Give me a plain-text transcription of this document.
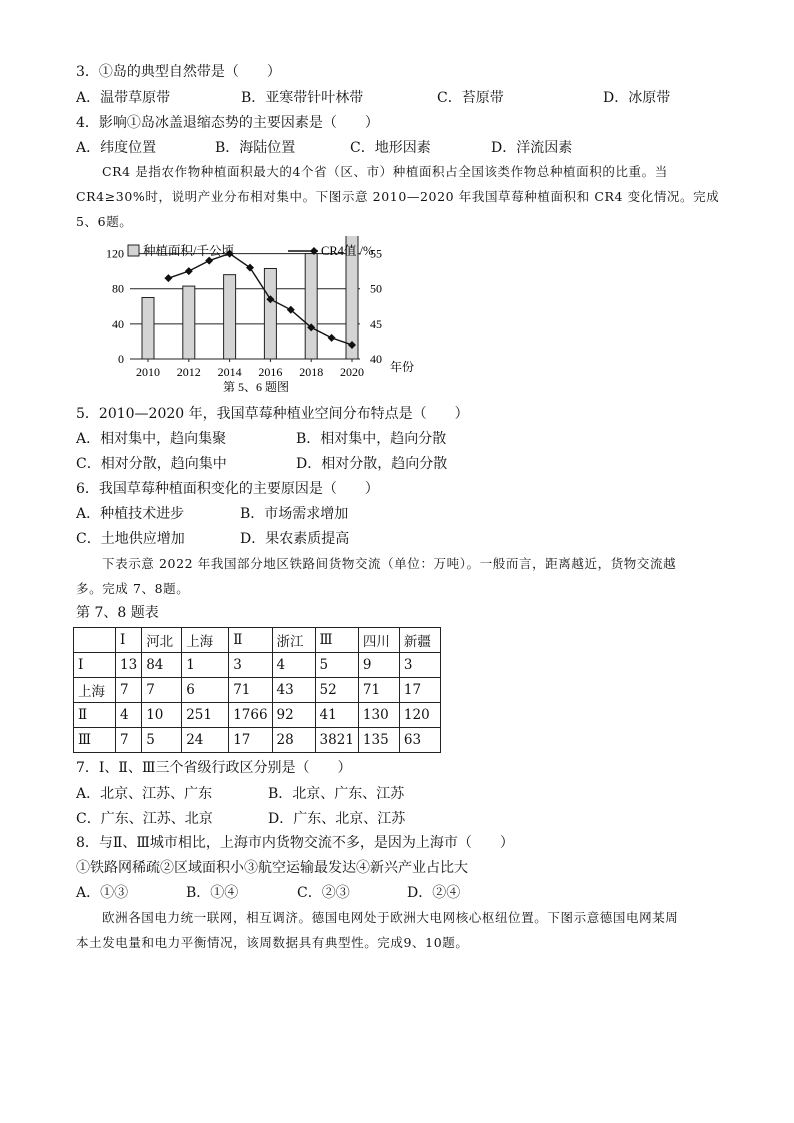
3．①岛的典型自然带是（　　）
A．温带草原带	B．亚寒带针叶林带	C．苔原带	D．冰原带
4．影响①岛冰盖退缩态势的主要因素是（　　）
A．纬度位置	B．海陆位置	C．地形因素	D．洋流因素

CR4 是指农作物种植面积最大的4个省（区、市）种植面积占全国该类作物总种植面积的比重。当

CR4≥30%时，说明产业分布相对集中。下图示意 2010—2020 年我国草莓种植面积和 CR4 变化情况。完成

5、6题。

0
40
80
120
40
45
50
55
2010 2012 2014 2016 2018 2020 年份
第 5、6 题图
种植面积/千公顷	CR4值 /%
5．2010—2020 年，我国草莓种植业空间分布特点是（　　）
A．相对集中，趋向集聚	B．相对集中，趋向分散
C．相对分散，趋向集中	D．相对分散，趋向分散
6．我国草莓种植面积变化的主要原因是（　　）
A．种植技术进步	B．市场需求增加
C．土地供应增加	D．果农素质提高

下表示意 2022 年我国部分地区铁路间货物交流（单位：万吨）。一般而言，距离越近，货物交流越

多。完成 7、8题。

第 7、8 题表
	Ⅰ	河北	上海	Ⅱ	浙江	Ⅲ	四川	新疆
Ⅰ	13	84	1	3	4	5	9	3
上海	7	7	6	71	43	52	71	17
Ⅱ	4	10	251	1766	92	41	130	120
Ⅲ	7	5	24	17	28	3821	135	63
7．Ⅰ、Ⅱ、Ⅲ三个省级行政区分别是（　　）
A．北京、江苏、广东	B．北京、广东、江苏
C．广东、江苏、北京	D．广东、北京、江苏
8．与Ⅱ、Ⅲ城市相比，上海市内货物交流不多，是因为上海市（　　）
①铁路网稀疏②区域面积小③航空运输最发达④新兴产业占比大
A．①③	B．①④	C．②③	D．②④

欧洲各国电力统一联网，相互调济。德国电网处于欧洲大电网核心枢纽位置。下图示意德国电网某周

本土发电量和电力平衡情况，该周数据具有典型性。完成9、10题。
